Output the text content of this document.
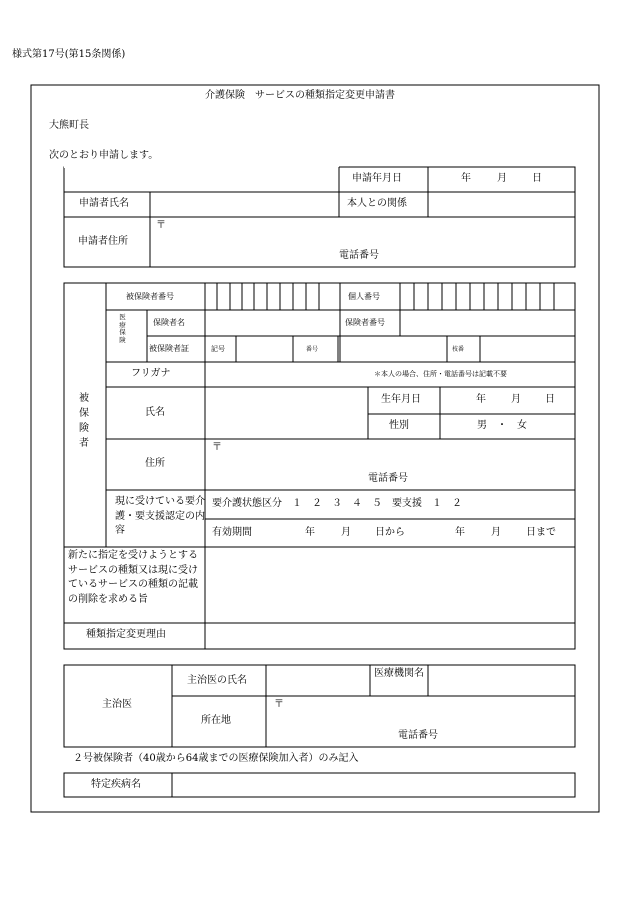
様式第17号(第15条関係)
介護保険　サービスの種類指定変更申請書
大熊町長
次のとおり申請します。
申請年月日	年	月	日
申請者氏名	本人との関係
申請者住所
〒
電話番号
被保険者
被保険者番号	個人番号
医療保険
保険者名	保険者番号
被保険者証	記号	番号	枝番
フリガナ	＊本人の場合、住所・電話番号は記載不要
氏名
生年月日	年	月 日
性別	男　・　女
住所
〒
電話番号
現に受けている要介護・要支援認定の内容
要介護状態区分　１　２　３　４　５　要支援　１　２
有効期間	年	月 日から	年	月	日まで
新たに指定を受けようとするサービスの種類又は現に受けているサービスの種類の記載の削除を求める旨
種類指定変更理由
主治医
主治医の氏名
医療機関名
所在地
〒
電話番号
２号被保険者（40歳から64歳までの医療保険加入者）のみ記入
特定疾病名
